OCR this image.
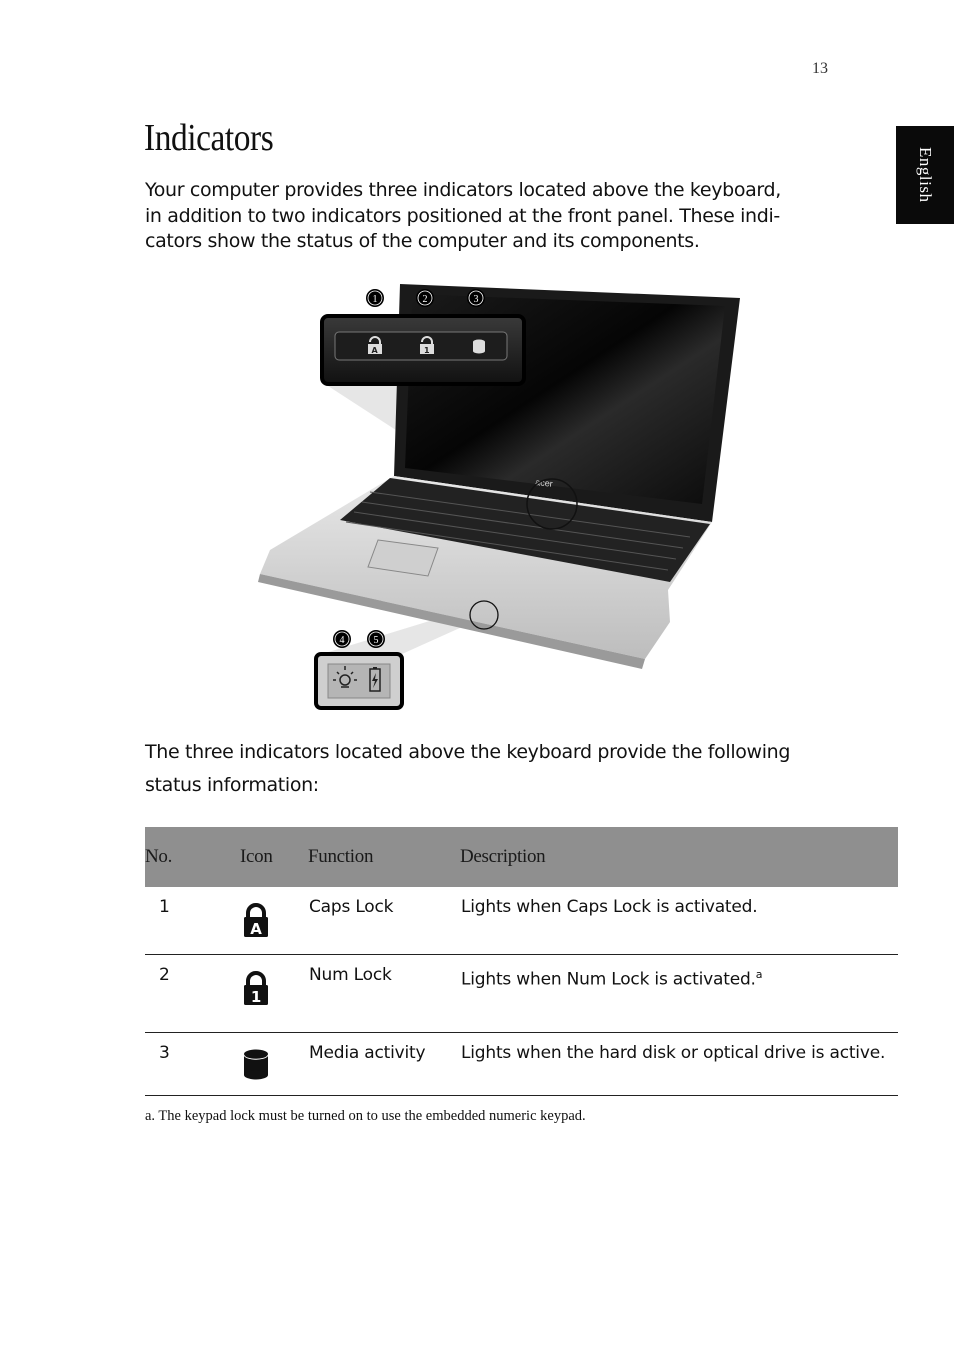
13
English
Indicators

Your computer provides three indicators located above the keyboard,
in addition to two indicators positioned at the front panel. These indi-
cators show the status of the computer and its components.

acer
A	1
1	2	3
4	5

The three indicators located above the keyboard provide the following
status information:

No.	Icon	Function	Description
1	A	Caps Lock	Lights when Caps Lock is activated.
2	1	Num Lock	Lights when Num Lock is activated.$^a$
3		Media activity	Lights when the hard disk or optical drive is active.

a. The keypad lock must be turned on to use the embedded numeric keypad.
